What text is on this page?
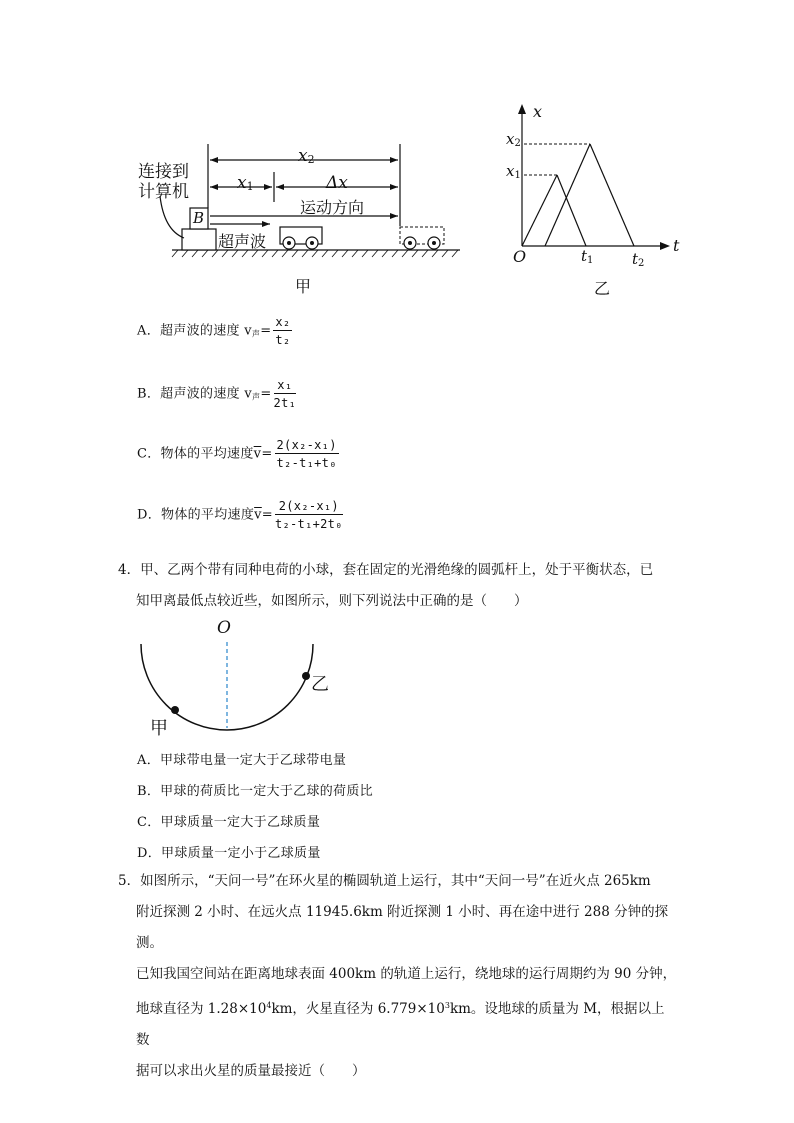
连接到
计算机
B
$x_2$
$x_1$	Δx
运动方向
超声波
甲
x
t
O
$x_2$
$x_1$
$t_1$	$t_2$
乙
A．超声波的速度 $v_声= \frac{\text{x₂}}{\text{t₂}}$
B．超声波的速度 $v_声= \frac{\text{x₁}}{\text{2t₁}}$
C．物体的平均速度$\overline{v}= \frac{\text{2(x₂-x₁)}}{\text{t₂-t₁+t₀}}$
D．物体的平均速度$\overline{v}= \frac{\text{2(x₂-x₁)}}{\text{t₂-t₁+2t₀}}$

4．甲、乙两个带有同种电荷的小球，套在固定的光滑绝缘的圆弧杆上，处于平衡状态，已

知甲离最低点较近些，如图所示，则下列说法中正确的是（　　）

O
甲
乙
A．甲球带电量一定大于乙球带电量
B．甲球的荷质比一定大于乙球的荷质比
C．甲球质量一定大于乙球质量
D．甲球质量一定小于乙球质量

5．如图所示，“天问一号”在环火星的椭圆轨道上运行，其中“天问一号”在近火点 265km

附近探测 2 小时、在远火点 11945.6km 附近探测 1 小时、再在途中进行 288 分钟的探测。

已知我国空间站在距离地球表面 400km 的轨道上运行，绕地球的运行周期约为 90 分钟，

地球直径为 $1.28\times 10^4km$，火星直径为 $6.779\times 10^3km$。设地球的质量为 M，根据以上数

据可以求出火星的质量最接近（　　）
